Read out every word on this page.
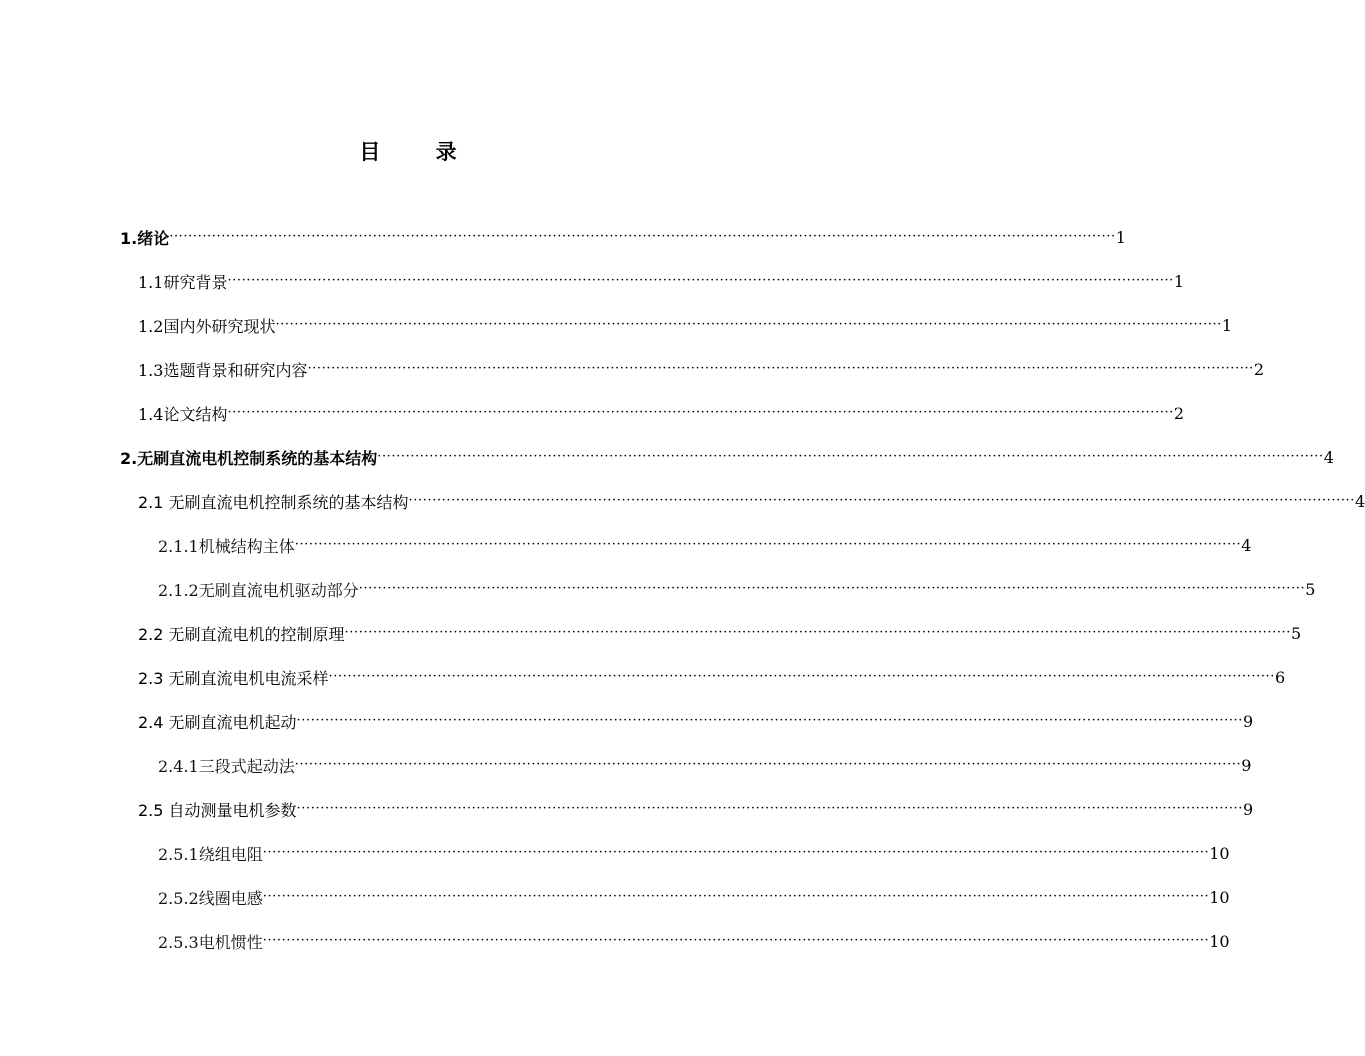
目 录
1.绪论 ········································································································································································································ 1
1.1研究背景 ········································································································································································································ 1
1.2国内外研究现状 ········································································································································································································ 1
1.3选题背景和研究内容 ········································································································································································································ 2
1.4论文结构 ········································································································································································································ 2
2.无刷直流电机控制系统的基本结构 ········································································································································································································ 4
2.1 无刷直流电机控制系统的基本结构 ········································································································································································································ 4
2.1.1机械结构主体 ········································································································································································································ 4
2.1.2无刷直流电机驱动部分 ········································································································································································································ 5
2.2 无刷直流电机的控制原理 ········································································································································································································ 5
2.3 无刷直流电机电流采样 ········································································································································································································ 6
2.4 无刷直流电机起动 ········································································································································································································ 9
2.4.1三段式起动法 ········································································································································································································ 9
2.5 自动测量电机参数 ········································································································································································································ 9
2.5.1绕组电阻 ········································································································································································································ 10
2.5.2线圈电感 ········································································································································································································ 10
2.5.3电机惯性 ········································································································································································································ 10
